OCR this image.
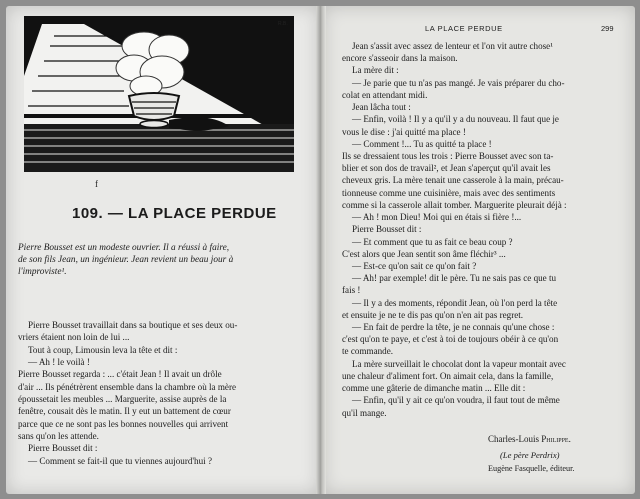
R.B.
f
109. — LA PLACE PERDUE
Pierre Bousset est un modeste ouvrier. Il a réussi à faire,
de son fils Jean, un ingénieur. Jean revient un beau jour à
l'improviste¹.
Pierre Bousset travaillait dans sa boutique et ses deux ou-
vriers étaient non loin de lui ...
Tout à coup, Limousin leva la tête et dit :
— Ah ! le voilà !
Pierre Bousset regarda : ... c'était Jean ! Il avait un drôle
d'air ... Ils pénétrèrent ensemble dans la chambre où la mère
époussetait les meubles ... Marguerite, assise auprès de la
fenêtre, cousait dès le matin. Il y eut un battement de cœur
parce que ce ne sont pas les bonnes nouvelles qui arrivent
sans qu'on les attende.
Pierre Bousset dit :
— Comment se fait-il que tu viennes aujourd'hui ?
LA PLACE PERDUE	299
Jean s'assit avec assez de lenteur et l'on vit autre chose¹
encore s'asseoir dans la maison.
La mère dit :
— Je parie que tu n'as pas mangé. Je vais préparer du cho-
colat en attendant midi.
Jean lâcha tout :
— Enfin, voilà ! Il y a qu'il y a du nouveau. Il faut que je
vous le dise : j'ai quitté ma place !
— Comment !... Tu as quitté ta place !
Ils se dressaient tous les trois : Pierre Bousset avec son ta-
blier et son dos de travail², et Jean s'aperçut qu'il avait les
cheveux gris. La mère tenait une casserole à la main, précau-
tionneuse comme une cuisinière, mais avec des sentiments
comme si la casserole allait tomber. Marguerite pleurait déjà :
— Ah ! mon Dieu! Moi qui en étais si fière !...
Pierre Bousset dit :
— Et comment que tu as fait ce beau coup ?
C'est alors que Jean sentit son âme fléchir³ ...
— Est-ce qu'on sait ce qu'on fait ?
— Ah! par exemple! dit le père. Tu ne sais pas ce que tu
fais !
— Il y a des moments, répondit Jean, où l'on perd la tête
et ensuite je ne te dis pas qu'on n'en ait pas regret.
— En fait de perdre la tête, je ne connais qu'une chose :
c'est qu'on te paye, et c'est à toi de toujours obéir à ce qu'on
te commande.
La mère surveillait le chocolat dont la vapeur montait avec
une chaleur d'aliment fort. On aimait cela, dans la famille,
comme une gâterie de dimanche matin ... Elle dit :
— Enfin, qu'il y ait ce qu'on voudra, il faut tout de même
qu'il mange.
Charles-Louis Philippe.
(Le père Perdrix)
Eugène Fasquelle, éditeur.
